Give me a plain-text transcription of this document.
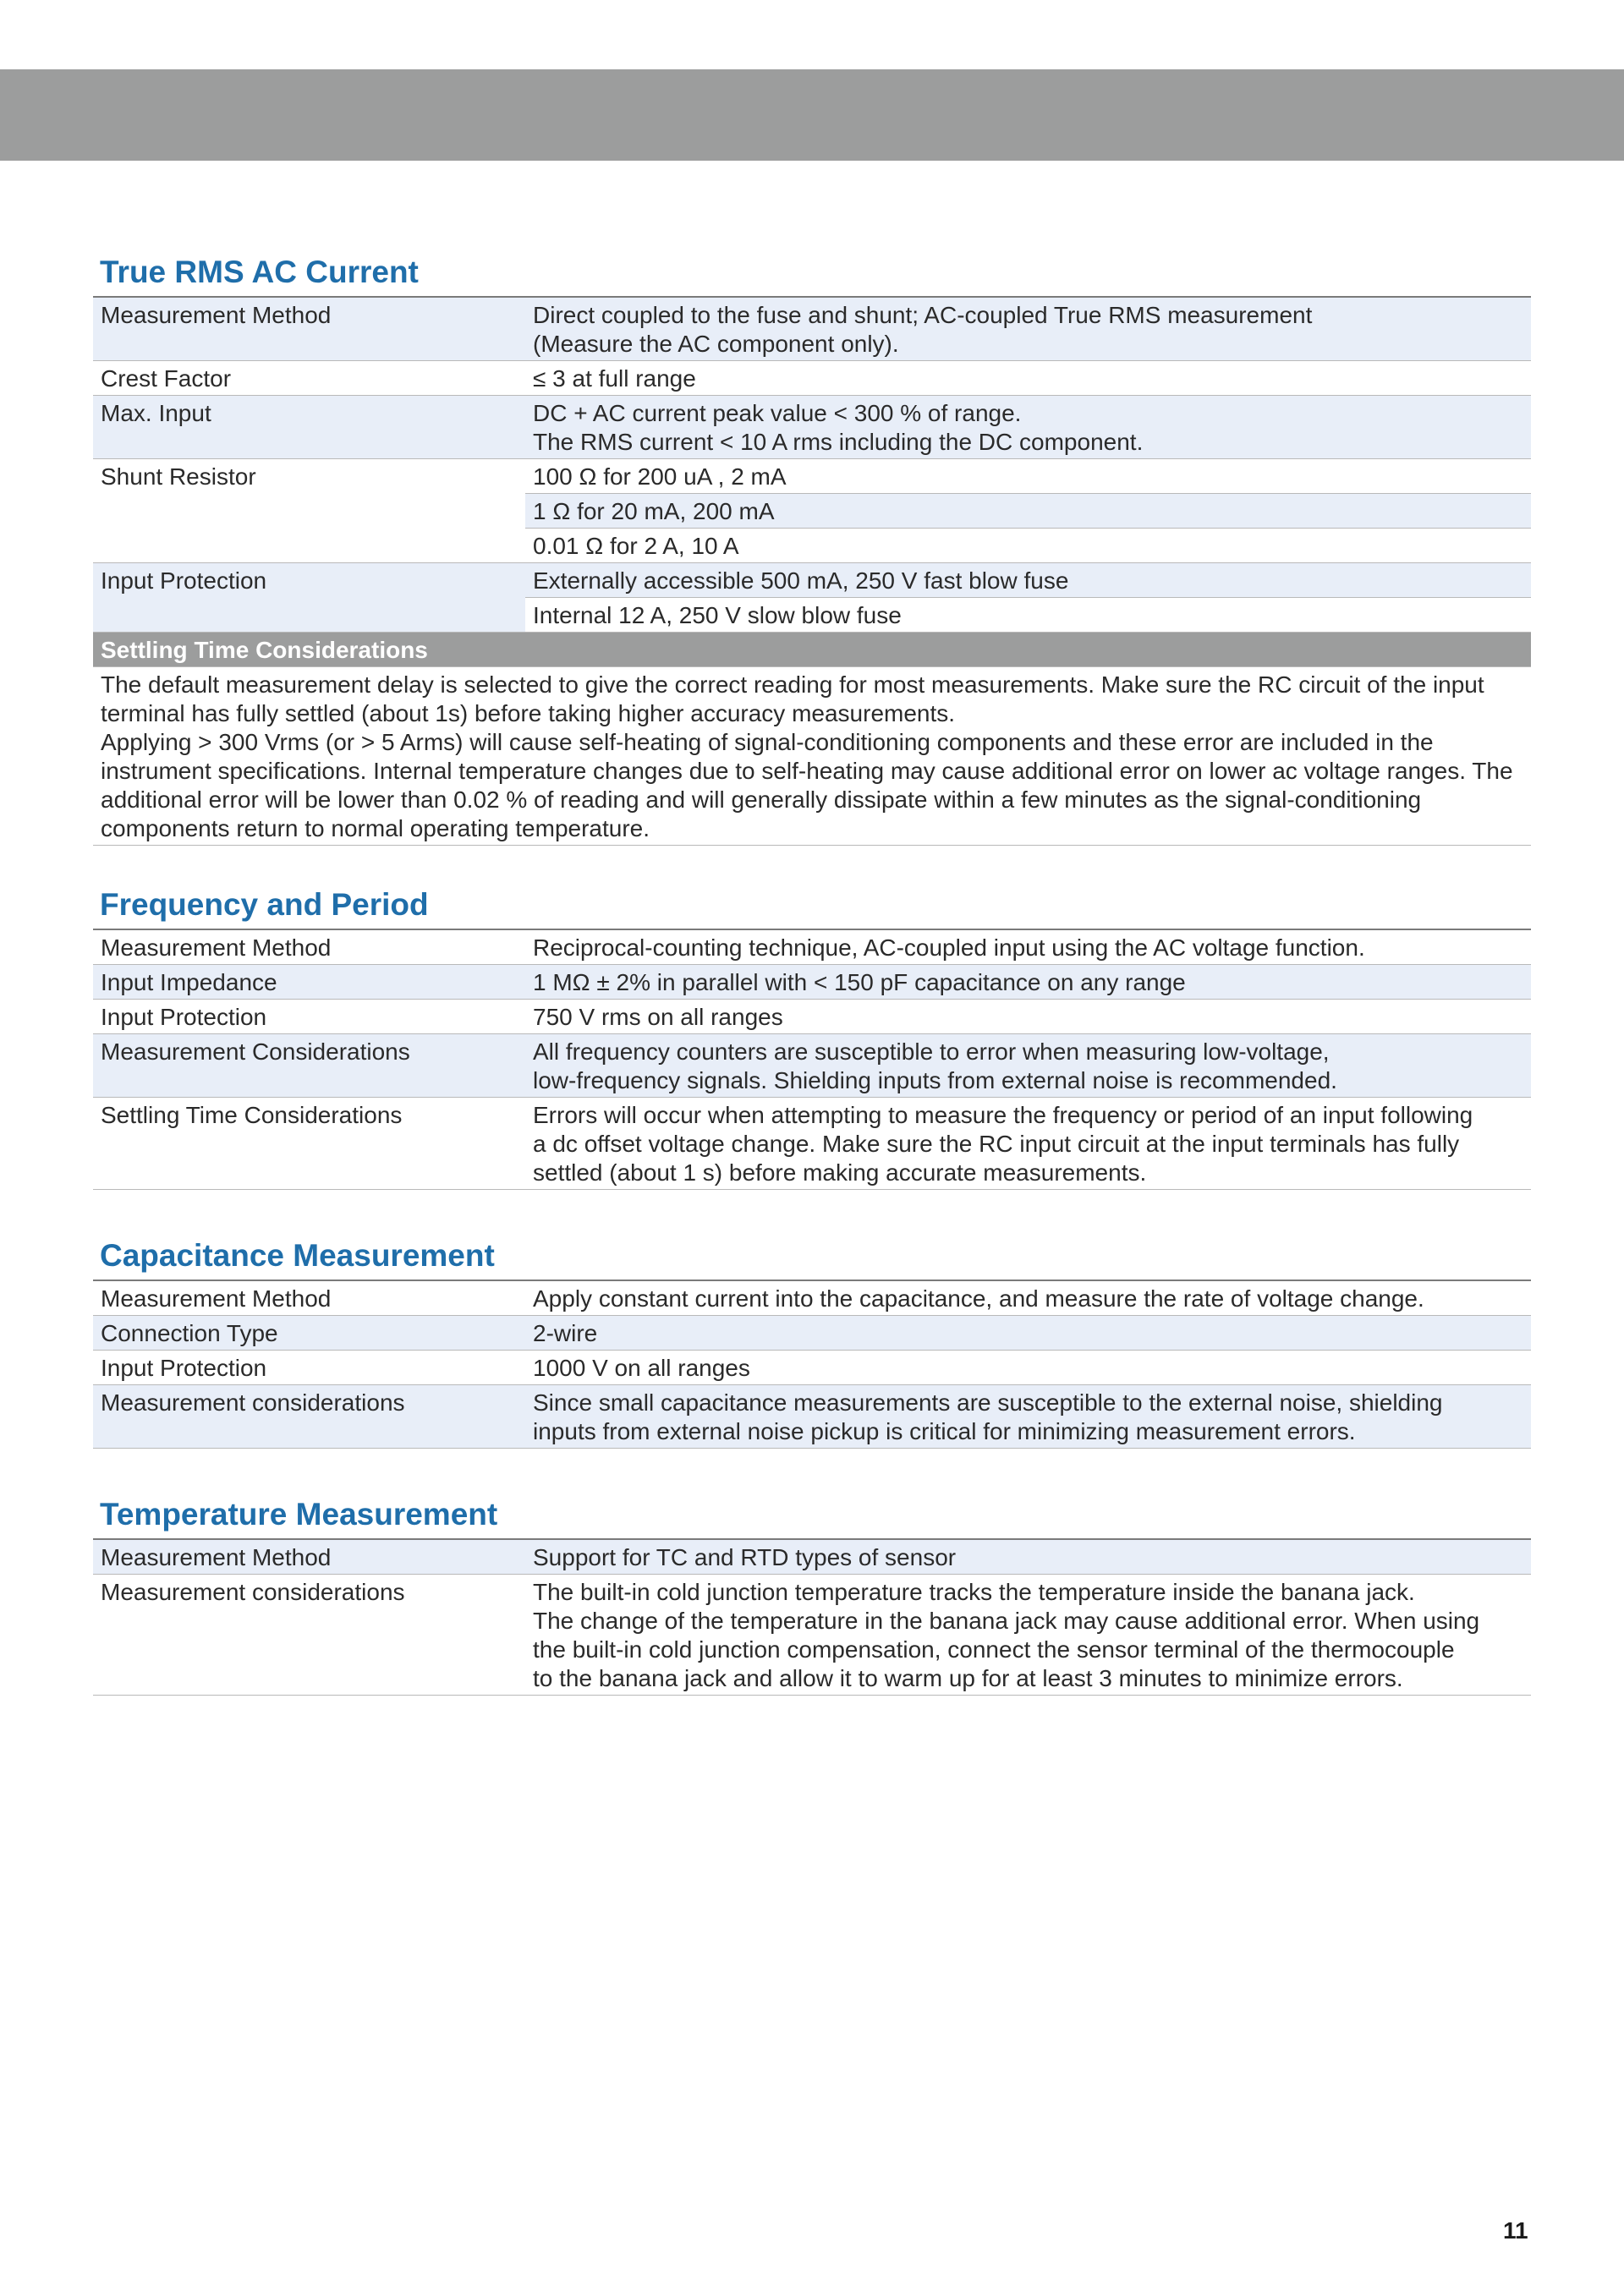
True RMS AC Current
Measurement Method	Direct coupled to the fuse and shunt; AC-coupled True RMS measurement
(Measure the AC component only).
Crest Factor	≤ 3 at full range
Max. Input	DC + AC current peak value < 300 % of range.
The RMS current < 10 A rms including the DC component.
Shunt Resistor	100 Ω for 200 uA , 2 mA
	1 Ω for 20 mA, 200 mA
	0.01 Ω for 2 A, 10 A
Input Protection	Externally accessible 500 mA, 250 V fast blow fuse
	Internal 12 A, 250 V slow blow fuse
Settling Time Considerations	

The default measurement delay is selected to give the correct reading for most measurements. Make sure the RC circuit of the input terminal has fully settled (about 1s) before taking higher accuracy measurements.

Applying > 300 Vrms (or > 5 Arms) will cause self-heating of signal-conditioning components and these error are included in the instrument specifications. Internal temperature changes due to self-heating may cause additional error on lower ac voltage ranges. The additional error will be lower than 0.02 % of reading and will generally dissipate within a few minutes as the signal-conditioning components return to normal operating temperature.	

Frequency and Period
Measurement Method	Reciprocal-counting technique, AC-coupled input using the AC voltage function.
Input Impedance	1 MΩ ± 2% in parallel with < 150 pF capacitance on any range
Input Protection	750 V rms on all ranges
Measurement Considerations	All frequency counters are susceptible to error when measuring low-voltage,
low-frequency signals. Shielding inputs from external noise is recommended.
Settling Time Considerations	Errors will occur when attempting to measure the frequency or period of an input following
a dc offset voltage change. Make sure the RC input circuit at the input terminals has fully
settled (about 1 s) before making accurate measurements.
Capacitance Measurement
Measurement Method	Apply constant current into the capacitance, and measure the rate of voltage change.
Connection Type	2-wire
Input Protection	1000 V on all ranges
Measurement considerations	Since small capacitance measurements are susceptible to the external noise, shielding
inputs from external noise pickup is critical for minimizing measurement errors.
Temperature Measurement
Measurement Method	Support for TC and RTD types of sensor
Measurement considerations	The built-in cold junction temperature tracks the temperature inside the banana jack.
The change of the temperature in the banana jack may cause additional error. When using
the built-in cold junction compensation, connect the sensor terminal of the thermocouple
to the banana jack and allow it to warm up for at least 3 minutes to minimize errors.
11
